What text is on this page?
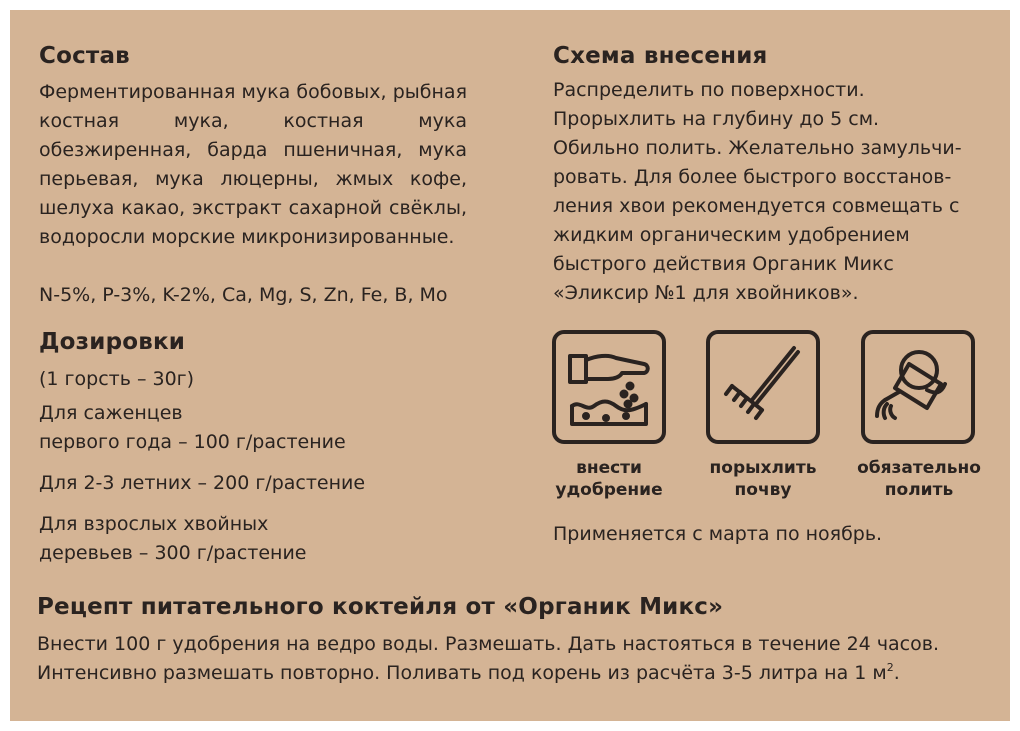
Состав
Ферментированная мука бобовых, рыбная костная мука, костная мука обезжиренная, барда пшеничная, мука перьевая, мука люцерны, жмых кофе, шелуха какао, экстракт сахарной свёклы, водоросли морские микронизированные.
N-5%, P-3%, K-2%, Ca, Mg, S, Zn, Fe, B, Mo
Дозировки
(1 горсть – 30г)
Для саженцев
первого года – 100 г/растение
Для 2-3 летних – 200 г/растение
Для взрослых хвойных
деревьев – 300 г/растение
Схема внесения
Распределить по поверхности.
Прорыхлить на глубину до 5 см.
Обильно полить. Желательно замульчи-
ровать. Для более быстрого восстанов-
ления хвои рекомендуется совмещать с
жидким органическим удобрением
быстрого действия Органик Микс
«Эликсир №1 для хвойников».
внести
удобрение
порыхлить
почву
обязательно
полить
Применяется с марта по ноябрь.
Рецепт питательного коктейля от «Органик Микс»
Внести 100 г удобрения на ведро воды. Размешать. Дать настояться в течение 24 часов.
Интенсивно размешать повторно. Поливать под корень из расчёта 3-5 литра на 1 $м^2$.
